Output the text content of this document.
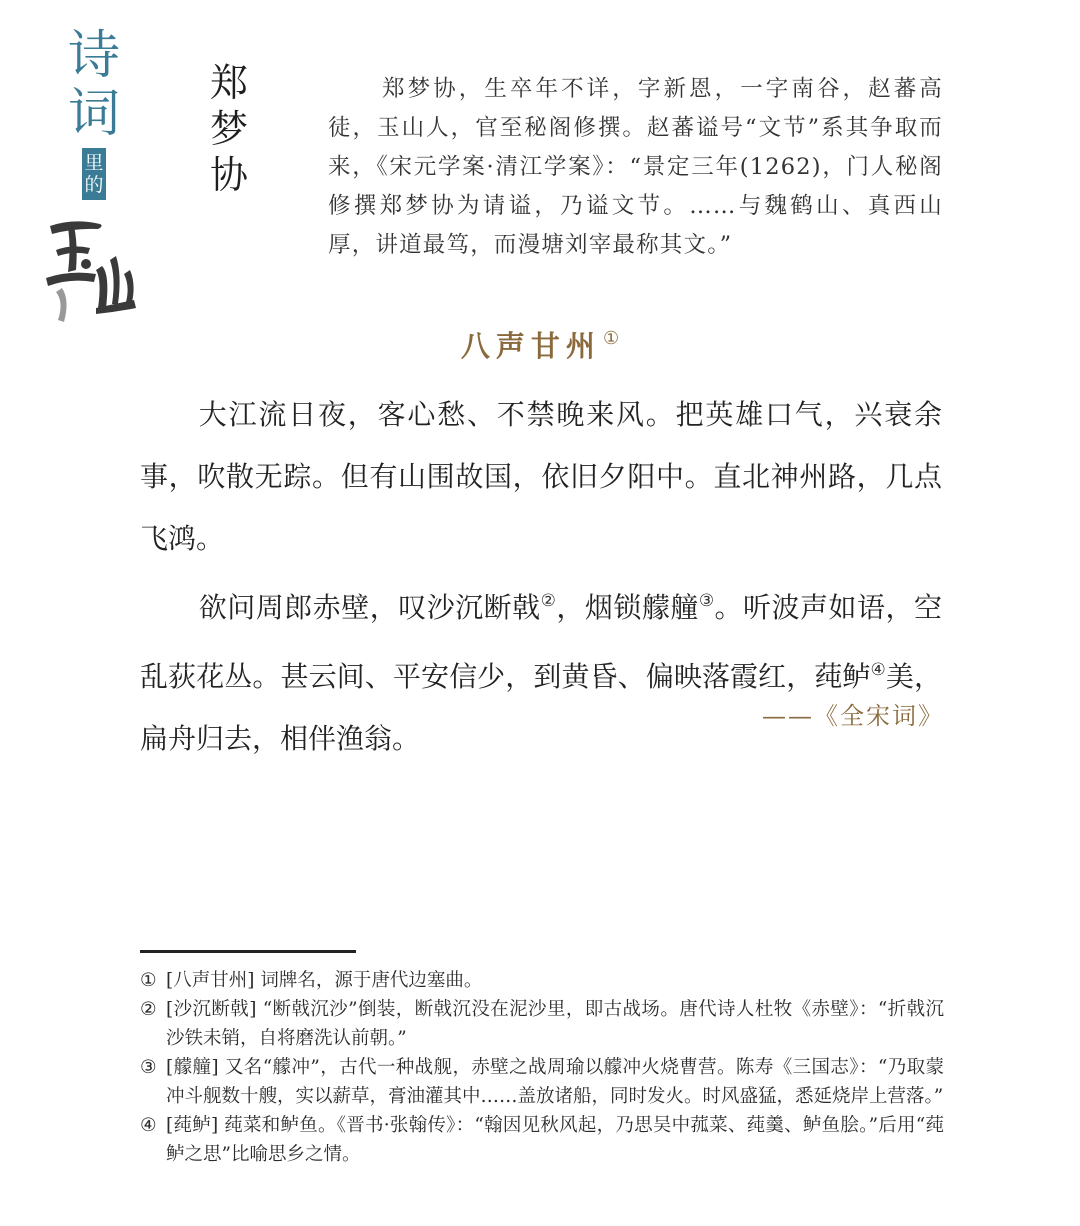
诗
词
里的
郑
梦
协

郑梦协，生卒年不详，字新恩，一字南谷，赵蕃高徒，玉山人，官至秘阁修撰。赵蕃谥号“文节”系其争取而来，《宋元学案·清江学案》：“景定三年(1262)，门人秘阁修撰郑梦协为请谥，乃谥文节。……与魏鹤山、真西山厚，讲道最笃，而漫塘刘宰最称其文。”

八声甘州 ①

大江流日夜，客心愁、不禁晚来风。把英雄口气，兴衰余事，吹散无踪。但有山围故国，依旧夕阳中。直北神州路，几点飞鸿。

欲问周郎赤壁，叹沙沉断戟②，烟锁艨艟③。听波声如语，空乱荻花丛。甚云间、平安信少，到黄昏、偏映落霞红，莼鲈④美，扁舟归去，相伴渔翁。

——《全宋词》
① [八声甘州] 词牌名，源于唐代边塞曲。
② [沙沉断戟] “断戟沉沙”倒装，断戟沉没在泥沙里，即古战场。唐代诗人杜牧《赤壁》：“折戟沉沙铁未销，自将磨洗认前朝。”
③ [艨艟] 又名“艨冲”，古代一种战舰，赤壁之战周瑜以艨冲火烧曹营。陈寿《三国志》：“乃取蒙冲斗舰数十艘，实以薪草，膏油灌其中……盖放诸船，同时发火。时风盛猛，悉延烧岸上营落。”
④ [莼鲈] 莼菜和鲈鱼。《晋书·张翰传》：“翰因见秋风起，乃思吴中菰菜、莼羹、鲈鱼脍。”后用“莼鲈之思”比喻思乡之情。
